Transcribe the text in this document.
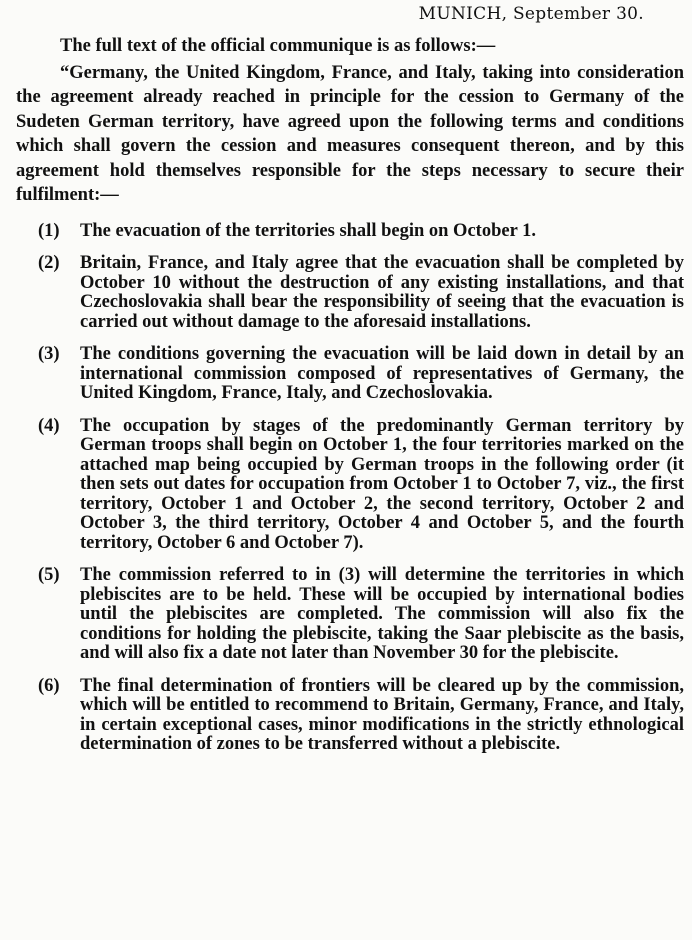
MUNICH, September 30.

The full text of the official communique is as follows:—

“Germany, the United Kingdom, France, and Italy, taking into consideration the agreement already reached in principle for the cession to Germany of the Sudeten German territory, have agreed upon the following terms and conditions which shall govern the cession and measures consequent thereon, and by this agreement hold themselves responsible for the steps necessary to secure their fulfilment:—

(1)	The evacuation of the territories shall begin on October 1.
(2)	Britain, France, and Italy agree that the evacuation shall be completed by October 10 without the destruction of any existing installations, and that Czechoslovakia shall bear the responsibility of seeing that the evacuation is carried out without damage to the aforesaid installations.
(3)	The conditions governing the evacuation will be laid down in detail by an international commission composed of representatives of Germany, the United Kingdom, France, Italy, and Czechoslovakia.
(4)	The occupation by stages of the predominantly German territory by German troops shall begin on October 1, the four territories marked on the attached map being occupied by German troops in the following order (it then sets out dates for occupation from October 1 to October 7, viz., the first territory, October 1 and October 2, the second territory, October 2 and October 3, the third territory, October 4 and October 5, and the fourth territory, October 6 and October 7).
(5)	The commission referred to in (3) will determine the territories in which plebiscites are to be held. These will be occupied by international bodies until the plebiscites are completed. The commission will also fix the conditions for holding the plebiscite, taking the Saar plebiscite as the basis, and will also fix a date not later than November 30 for the plebiscite.
(6)	The final determination of frontiers will be cleared up by the commission, which will be entitled to recommend to Britain, Germany, France, and Italy, in certain exceptional cases, minor modifications in the strictly ethnological determination of zones to be transferred without a plebiscite.
